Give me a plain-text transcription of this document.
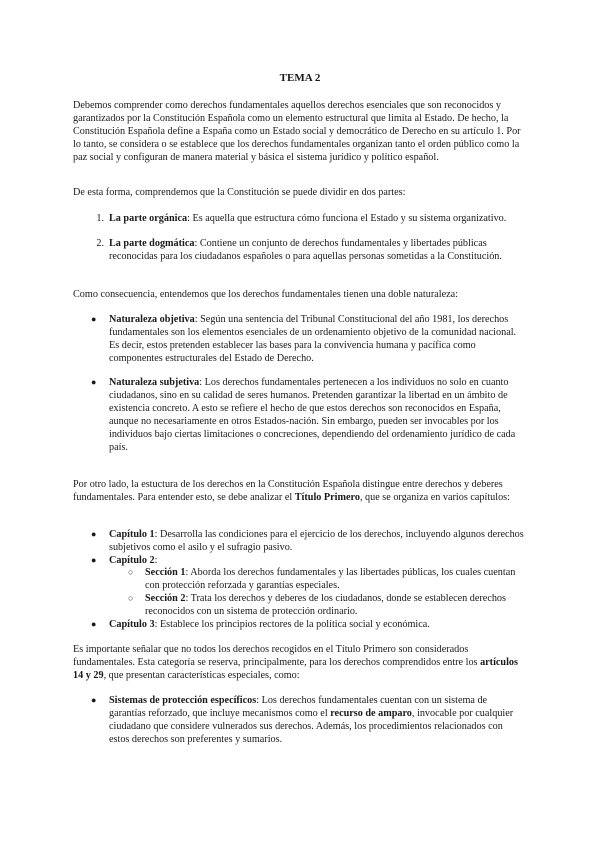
TEMA 2

Debemos comprender como derechos fundamentales aquellos derechos esenciales que son reconocidos y garantizados por la Constitución Española como un elemento estructural que limita al Estado. De hecho, la Constitución Española define a España como un Estado social y democrático de Derecho en su artículo 1. Por lo tanto, se considera o se establece que los derechos fundamentales organizan tanto el orden público como la paz social y configuran de manera material y básica el sistema jurídico y político español.

De esta forma, comprendemos que la Constitución se puede dividir en dos partes:

1. La parte orgánica: Es aquella que estructura cómo funciona el Estado y su sistema organizativo.
2. La parte dogmática: Contiene un conjunto de derechos fundamentales y libertades públicas reconocidas para los ciudadanos españoles o para aquellas personas sometidas a la Constitución.

Como consecuencia, entendemos que los derechos fundamentales tienen una doble naturaleza:

● Naturaleza objetiva: Según una sentencia del Tribunal Constitucional del año 1981, los derechos fundamentales son los elementos esenciales de un ordenamiento objetivo de la comunidad nacional. Es decir, estos pretenden establecer las bases para la convivencia humana y pacífica como componentes estructurales del Estado de Derecho.
● Naturaleza subjetiva: Los derechos fundamentales pertenecen a los individuos no solo en cuanto ciudadanos, sino en su calidad de seres humanos. Pretenden garantizar la libertad en un ámbito de existencia concreto. A esto se refiere el hecho de que estos derechos son reconocidos en España, aunque no necesariamente en otros Estados-nación. Sin embargo, pueden ser invocables por los individuos bajo ciertas limitaciones o concreciones, dependiendo del ordenamiento jurídico de cada país.

Por otro lado, la estuctura de los derechos en la Constitución Española distingue entre derechos y deberes fundamentales. Para entender esto, se debe analizar el Título Primero, que se organiza en varios capítulos:

● Capítulo 1: Desarrolla las condiciones para el ejercicio de los derechos, incluyendo algunos derechos subjetivos como el asilo y el sufragio pasivo.
● Capítulo 2:
○ Sección 1: Aborda los derechos fundamentales y las libertades públicas, los cuales cuentan con protección reforzada y garantías especiales.
○ Sección 2: Trata los derechos y deberes de los ciudadanos, donde se establecen derechos reconocidos con un sistema de protección ordinario.
● Capítulo 3: Establece los principios rectores de la política social y económica.

Es importante señalar que no todos los derechos recogidos en el Título Primero son considerados fundamentales. Esta categoría se reserva, principalmente, para los derechos comprendidos entre los artículos 14 y 29, que presentan características especiales, como:

● Sistemas de protección específicos: Los derechos fundamentales cuentan con un sistema de garantías reforzado, que incluye mecanismos como el recurso de amparo, invocable por cualquier ciudadano que considere vulnerados sus derechos. Además, los procedimientos relacionados con estos derechos son preferentes y sumarios.
